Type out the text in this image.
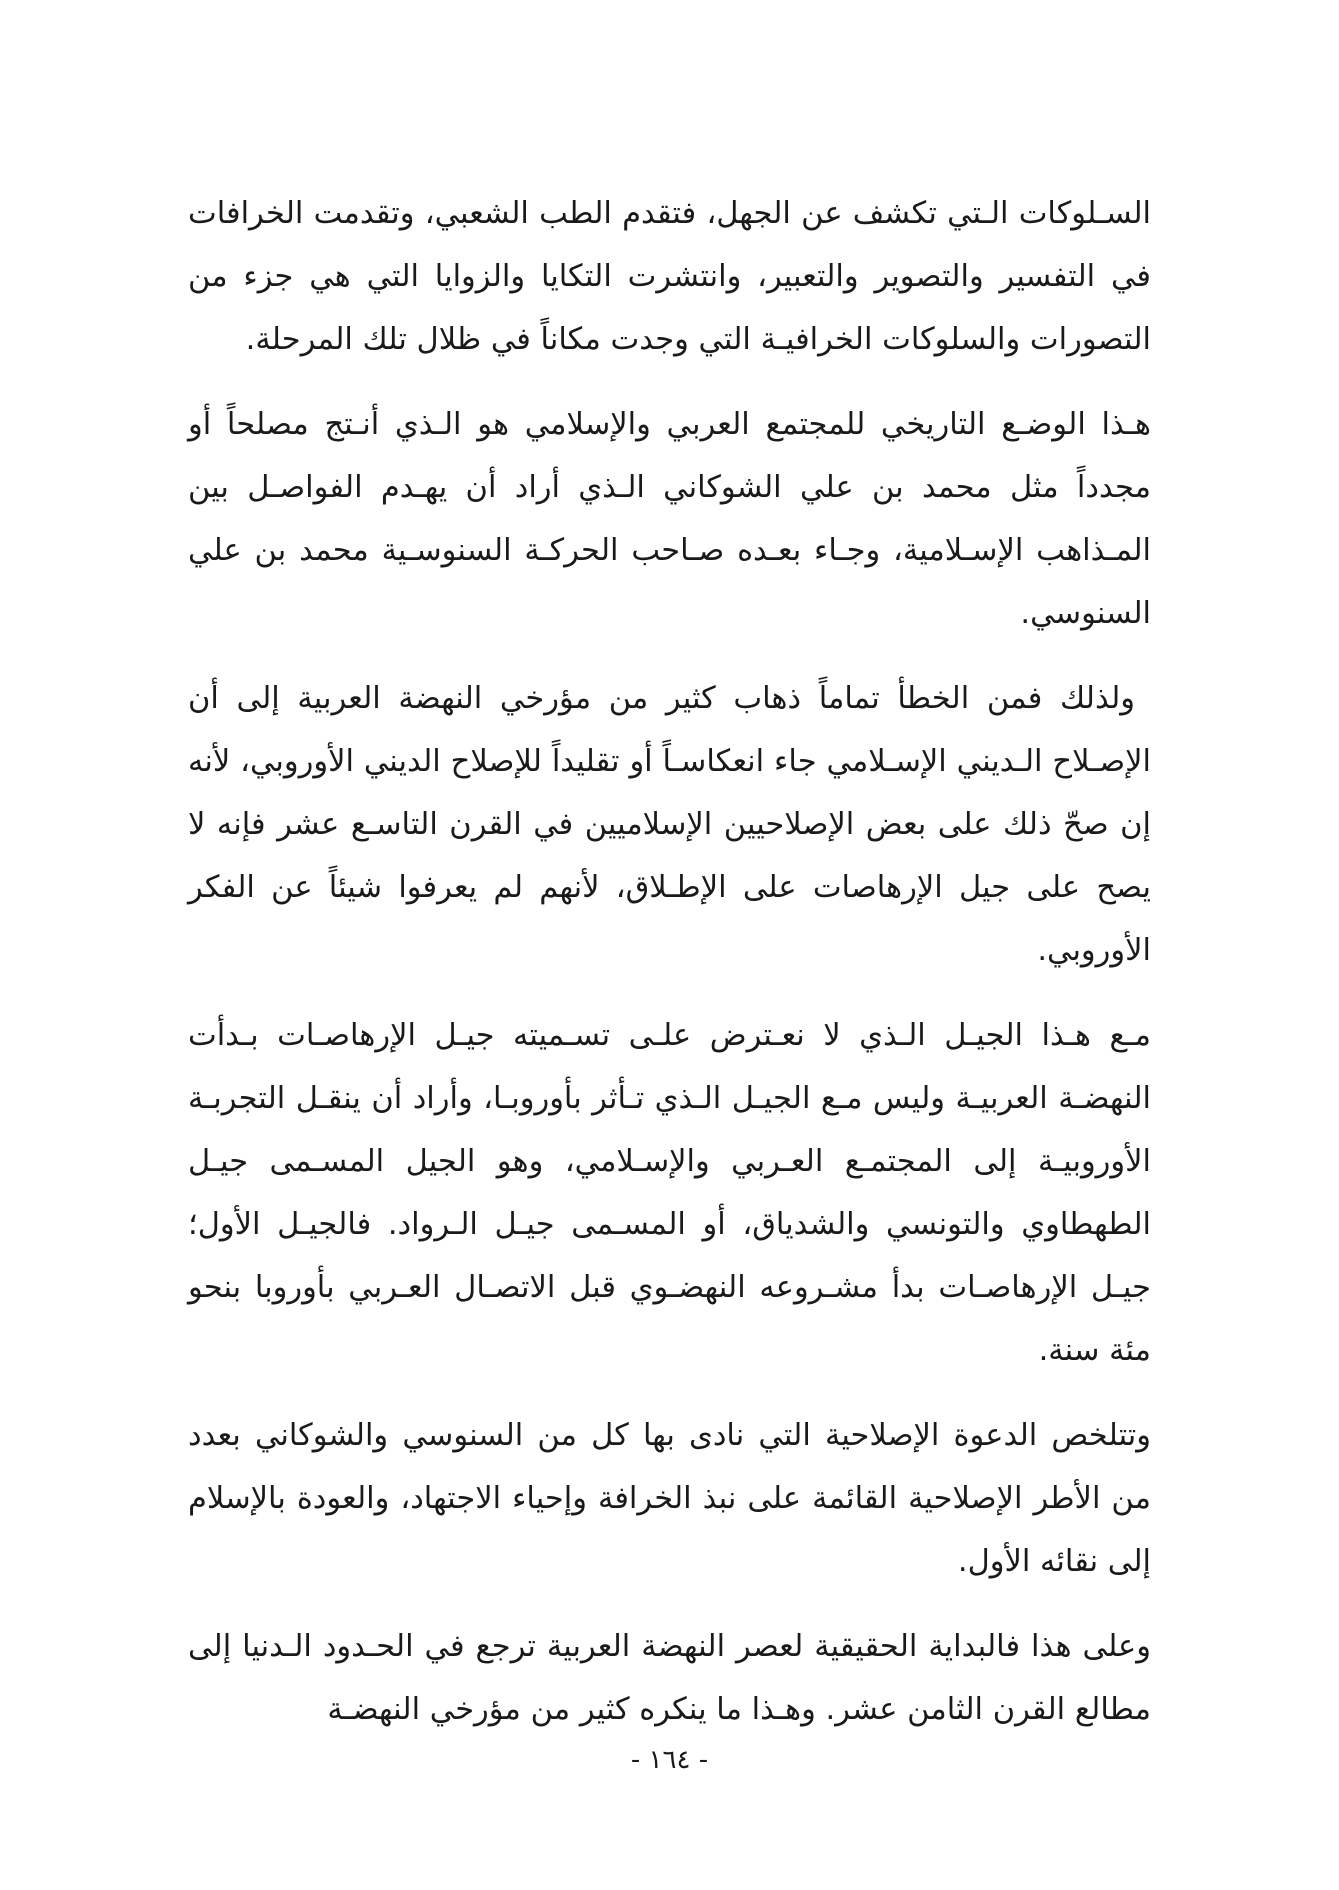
السـلوكات الـتي تكشف عن الجهل، فتقدم الطب الشعبي، وتقدمت الخرافات في التفسير والتصوير والتعبير، وانتشرت التكايا والزوايا التي هي جزء من التصورات والسلوكات الخرافيـة التي وجدت مكاناً في ظلال تلك المرحلة.

هـذا الوضـع التاريخي للمجتمع العربي والإسلامي هو الـذي أنـتج مصلحاً أو مجدداً مثل محمد بن علي الشوكاني الـذي أراد أن يهـدم الفواصـل بين المـذاهب الإسـلامية، وجـاء بعـده صـاحب الحركـة السنوسـية محمد بن علي السنوسي.

ولذلك فمن الخطأ تماماً ذهاب كثير من مؤرخي النهضة العربية إلى أن الإصـلاح الـديني الإسـلامي جاء انعكاسـاً أو تقليداً للإصلاح الديني الأوروبي، لأنه إن صحّ ذلك على بعض الإصلاحيين الإسلاميين في القرن التاسـع عشر فإنه لا يصح على جيل الإرهاصات على الإطـلاق، لأنهم لم يعرفوا شيئاً عن الفكر الأوروبي.

مـع هـذا الجيـل الـذي لا نعـترض علـى تسـميته جيـل الإرهاصـات بـدأت النهضـة العربيـة وليس مـع الجيـل الـذي تـأثر بأوروبـا، وأراد أن ينقـل التجربـة الأوروبيـة إلى المجتمـع العـربي والإسـلامي، وهو الجيل المسـمى جيـل الطهطاوي والتونسي والشدياق، أو المسـمى جيـل الـرواد. فالجيـل الأول؛ جيـل الإرهاصـات بدأ مشـروعه النهضـوي قبل الاتصـال العـربي بأوروبا بنحو مئة سنة.

وتتلخص الدعوة الإصلاحية التي نادى بها كل من السنوسي والشوكاني بعدد من الأطر الإصلاحية القائمة على نبذ الخرافة وإحياء الاجتهاد، والعودة بالإسلام إلى نقائه الأول.

وعلى هذا فالبداية الحقيقية لعصر النهضة العربية ترجع في الحـدود الـدنيا إلى مطالع القرن الثامن عشر. وهـذا ما ينكره كثير من مؤرخي النهضـة

- ١٦٤ -
